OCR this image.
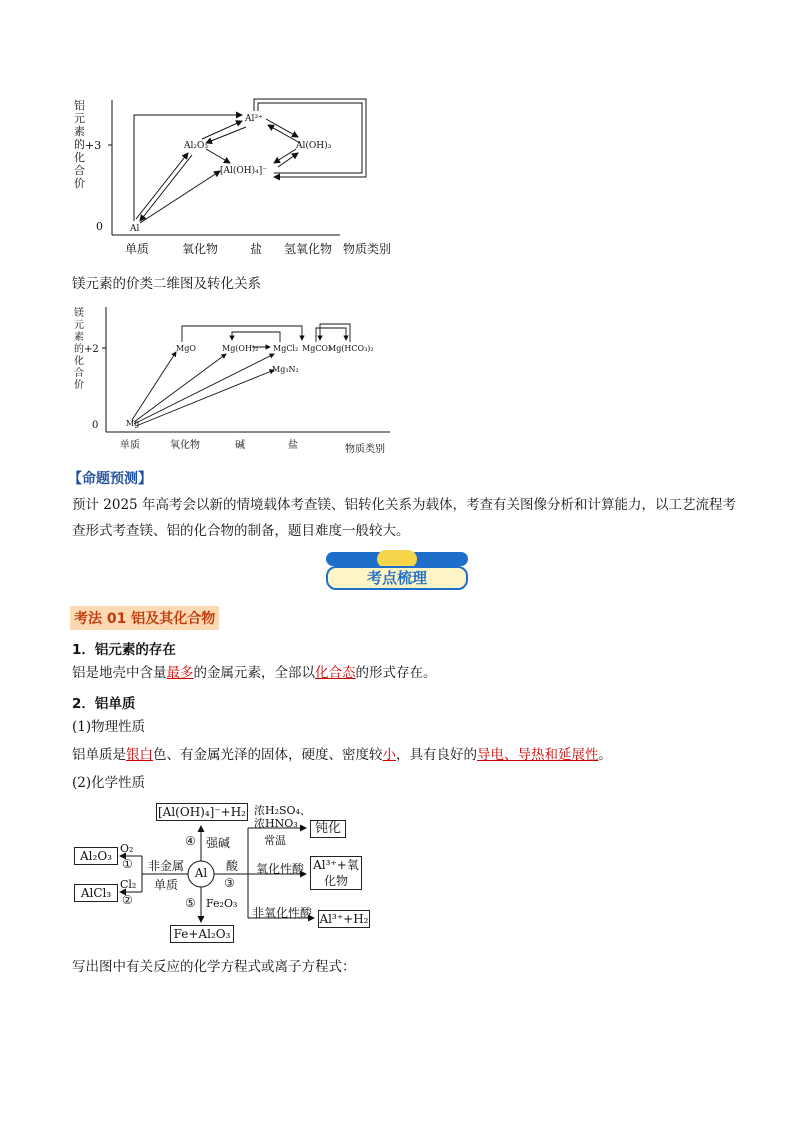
铝
元
素
的
化
合
价
+3
0
单质	氧化物	盐 氢氧化物 物质类别
Al
Al₂O₃
Al³⁺
Al(OH)₃
[Al(OH)₄]⁻
镁元素的价类二维图及转化关系
镁
元
素
的
化
合
价
+2
0
单质	氧化物	碱	盐	物质类别
Mg
MgO	Mg(OH)₂ MgCl₂ MgCO₃
Mg(HCO₃)₂
Mg₃N₂
【命题预测】
预计 2025 年高考会以新的情境载体考查镁、铝转化关系为载体，考查有关图像分析和计算能力，以工艺流程考查形式考查镁、铝的化合物的制备，题目难度一般较大。
考点梳理
考法 01 铝及其化合物
1．铝元素的存在
铝是地壳中含量最多的金属元素，全部以化合态的形式存在。
2．铝单质
(1)物理性质
铝单质是银白色、有金属光泽的固体，硬度、密度较小，具有良好的导电、导热和延展性。
(2)化学性质
Al
[Al(OH)₄]⁻+H₂
④ 强碱
非金属
单质
Al₂O₃
O₂
①
AlCl₃
Cl₂
②
酸
③
浓H₂SO₄、
浓HNO₃
常温
钝化
氧化性酸 Al³⁺+氧
化物
非氧化性酸 Al³⁺+H₂
⑤ Fe₂O₃
Fe+Al₂O₃
写出图中有关反应的化学方程式或离子方程式：
